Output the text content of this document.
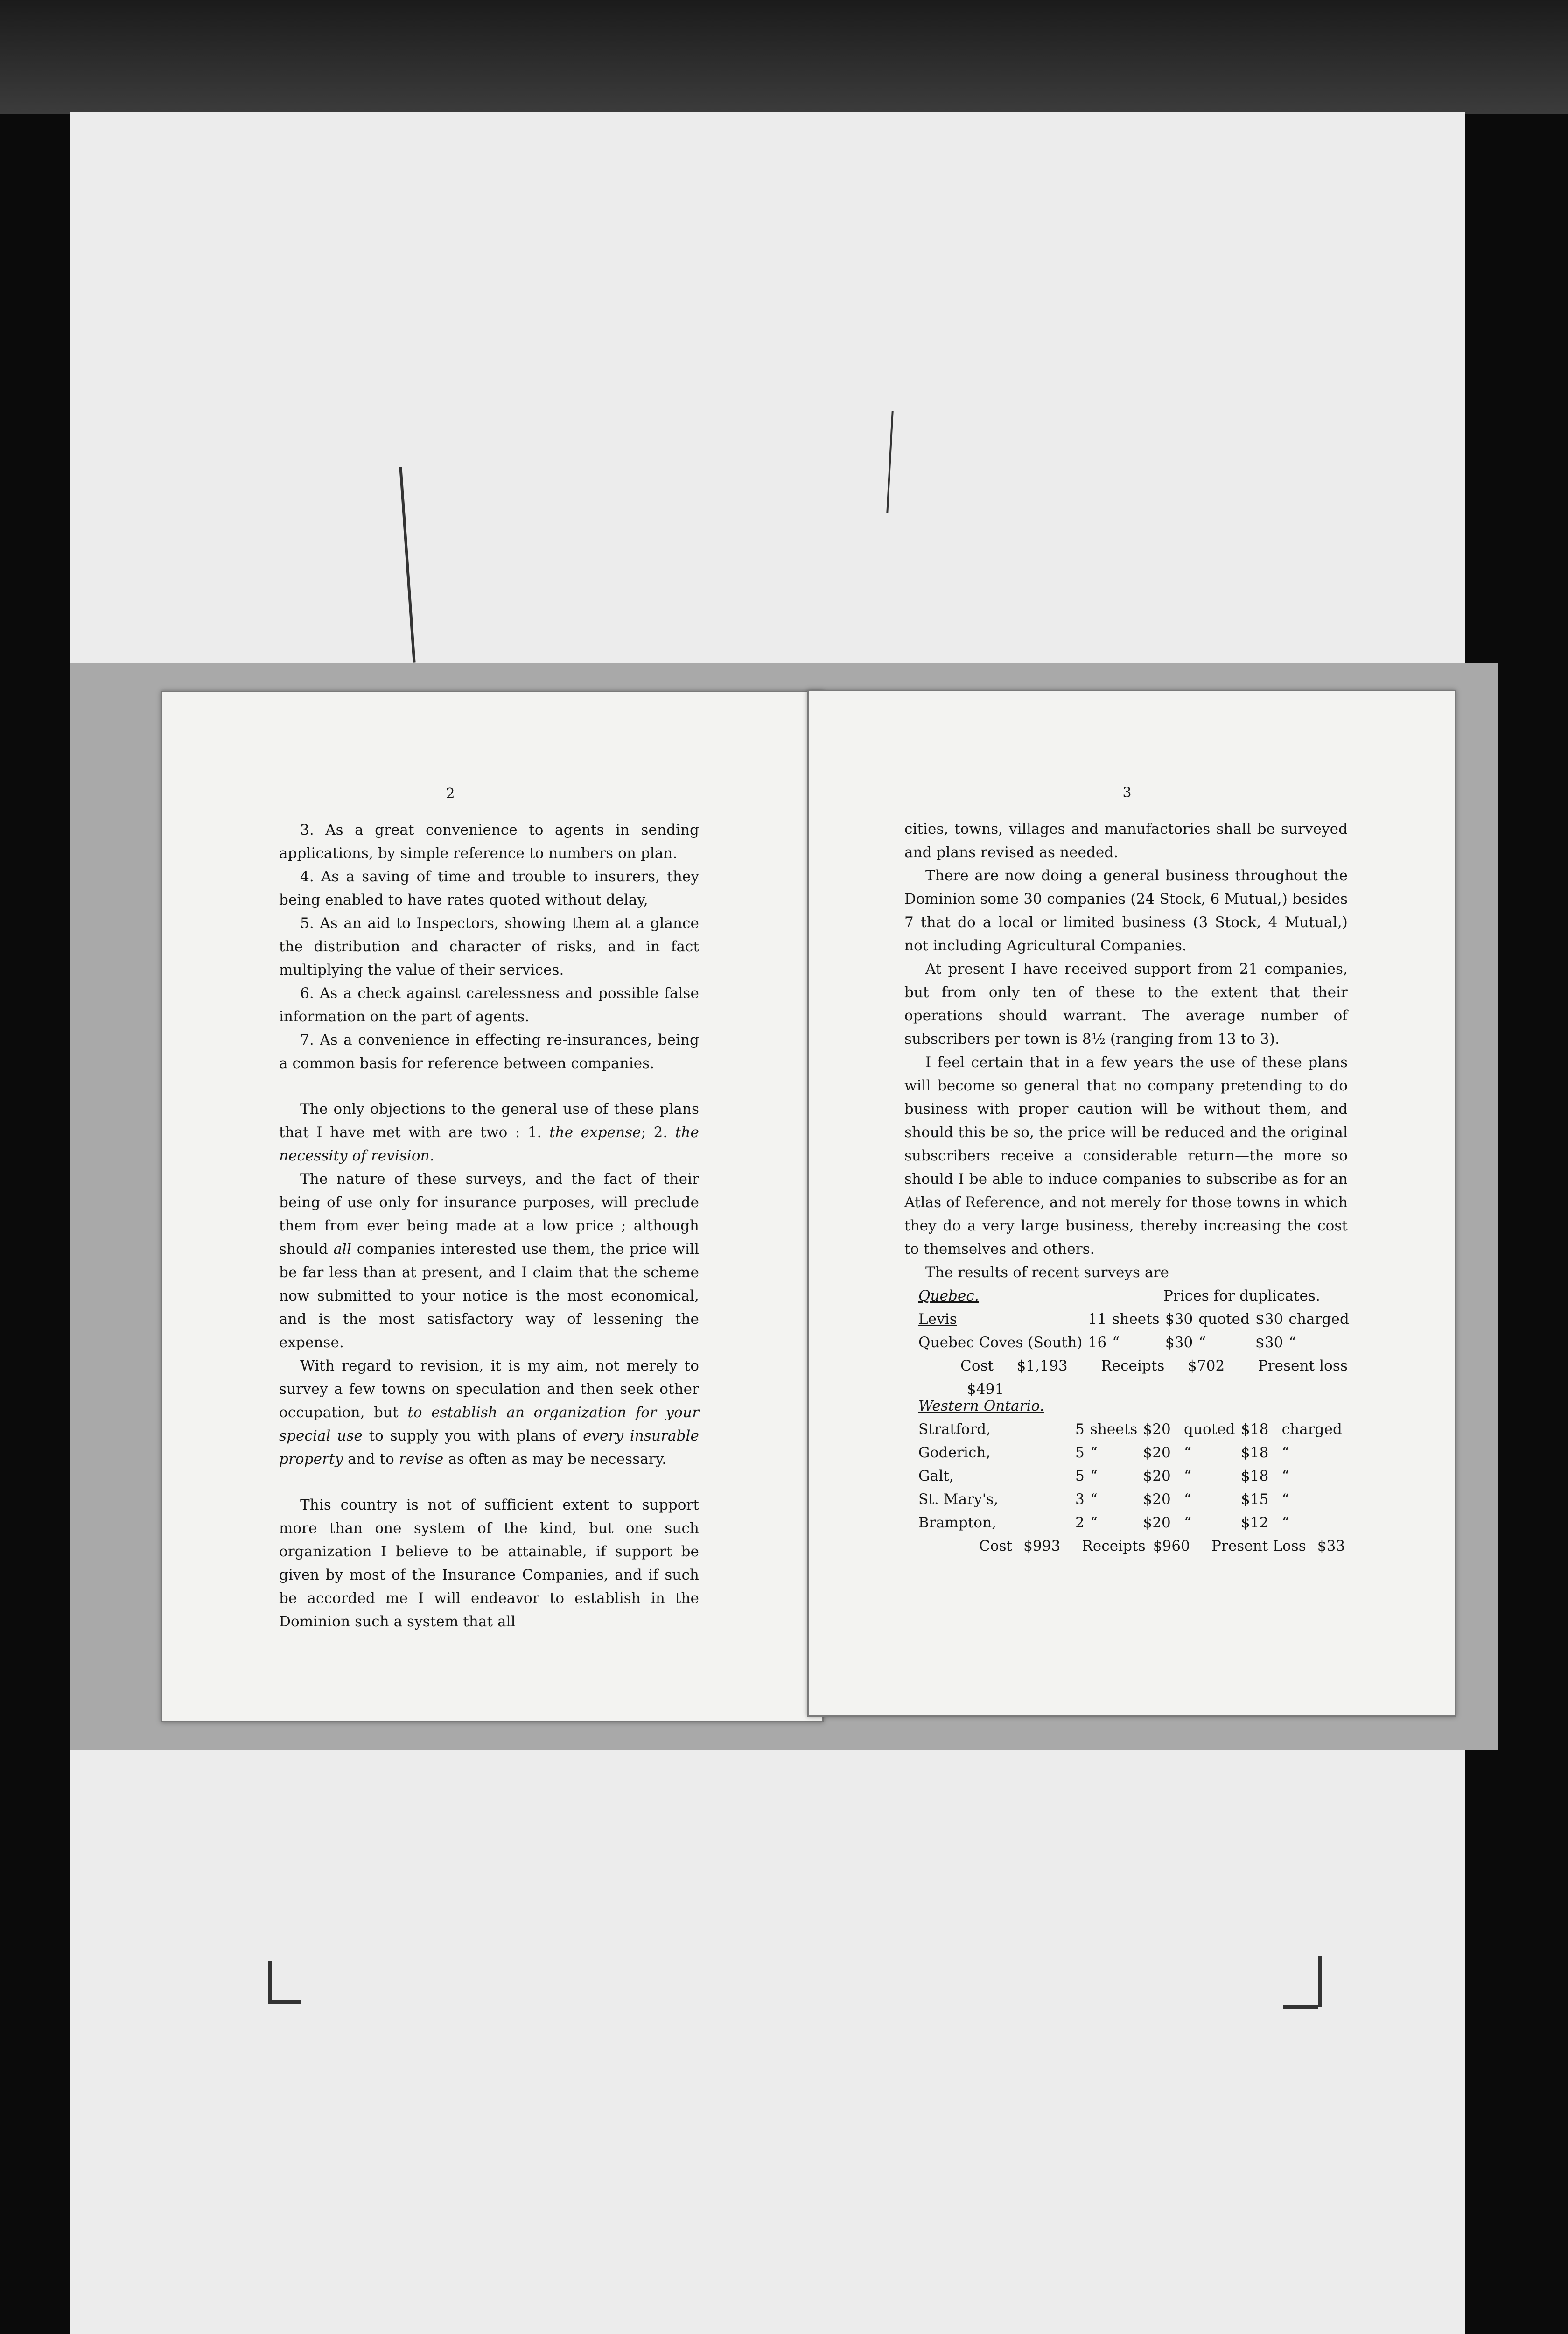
2

3. As a great convenience to agents in sending applications, by simple reference to numbers on plan.

4. As a saving of time and trouble to insurers, they being enabled to have rates quoted without delay,

5. As an aid to Inspectors, showing them at a glance the distribution and character of risks, and in fact multiplying the value of their services.

6. As a check against carelessness and possible false information on the part of agents.

7. As a convenience in effecting re-insurances, being a common basis for reference between companies.

The only objections to the general use of these plans that I have met with are two : 1. the expense; 2. the necessity of revision.

The nature of these surveys, and the fact of their being of use only for insurance purposes, will preclude them from ever being made at a low price ; although should all companies interested use them, the price will be far less than at present, and I claim that the scheme now submitted to your notice is the most economical, and is the most satisfactory way of lessening the expense.

With regard to revision, it is my aim, not merely to survey a few towns on speculation and then seek other occupation, but to establish an organization for your special use to supply you with plans of every insurable property and to revise as often as may be necessary.

This country is not of sufficient extent to support more than one system of the kind, but one such organization I believe to be attainable, if support be given by most of the Insurance Companies, and if such be accorded me I will endeavor to establish in the Dominion such a system that all

3

cities, towns, villages and manufactories shall be surveyed and plans revised as needed.

There are now doing a general business throughout the Dominion some 30 companies (24 Stock, 6 Mutual,) besides 7 that do a local or limited business (3 Stock, 4 Mutual,) not including Agricultural Companies.

At present I have received support from 21 companies, but from only ten of these to the extent that their operations should warrant. The average number of subscribers per town is 8½ (ranging from 13 to 3).

I feel certain that in a few years the use of these plans will become so general that no company pretending to do business with proper caution will be without them, and should this be so, the price will be reduced and the original subscribers receive a considerable return—the more so should I be able to induce companies to subscribe as for an Atlas of Reference, and not merely for those towns in which they do a very large business, thereby increasing the cost to themselves and others.

The results of recent surveys are
Quebec.	Prices for duplicates.
Levis	11	sheets	$30	quoted	$30	charged
Quebec Coves (South)	16	“	$30	“	$30	“
Cost $1,193 Receipts $702 Present loss $491
Western Ontario.
Stratford,	5	sheets	$20	quoted	$18	charged
Goderich,	5	“	$20	“	$18	“
Galt,	5	“	$20	“	$18	“
St. Mary's,	3	“	$20	“	$15	“
Brampton,	2	“	$20	“	$12	“
Cost $993 Receipts $960 Present Loss $33
